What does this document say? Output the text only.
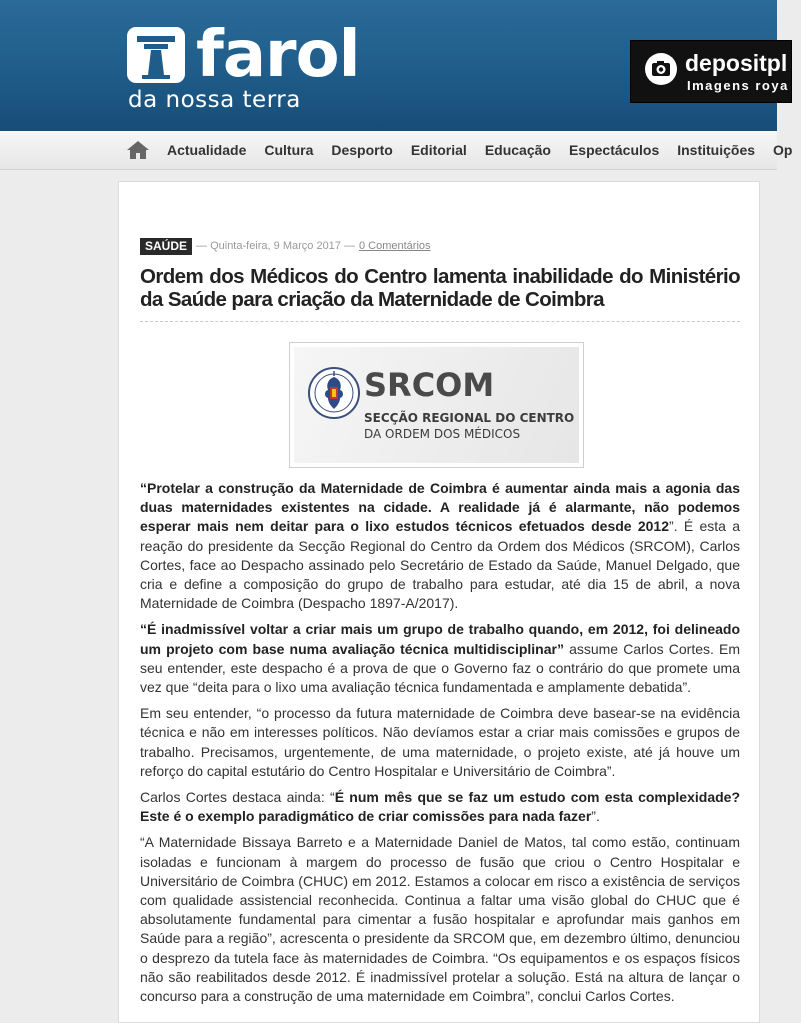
farol
da nossa terra
depositpl
Imagens roya
Actualidade	Cultura	Desporto	Editorial	Educação	Espectáculos	Instituições	Op
SAÚDE — Quinta-feira, 9 Março 2017 — 0 Comentários
Ordem dos Médicos do Centro lamenta inabilidade do Ministério da Saúde para criação da Maternidade de Coimbra
SRCOM
SECÇÃO REGIONAL DO CENTRO
DA ORDEM DOS MÉDICOS

“Protelar a construção da Maternidade de Coimbra é aumentar ainda mais a agonia das duas maternidades existentes na cidade. A realidade já é alarmante, não podemos esperar mais nem deitar para o lixo estudos técnicos efetuados desde 2012”. É esta a reação do presidente da Secção Regional do Centro da Ordem dos Médicos (SRCOM), Carlos Cortes, face ao Despacho assinado pelo Secretário de Estado da Saúde, Manuel Delgado, que cria e define a composição do grupo de trabalho para estudar, até dia 15 de abril, a nova Maternidade de Coimbra (Despacho 1897-A/2017).

“É inadmissível voltar a criar mais um grupo de trabalho quando, em 2012, foi delineado um projeto com base numa avaliação técnica multidisciplinar” assume Carlos Cortes. Em seu entender, este despacho é a prova de que o Governo faz o contrário do que promete uma vez que “deita para o lixo uma avaliação técnica fundamentada e amplamente debatida”.

Em seu entender, “o processo da futura maternidade de Coimbra deve basear-se na evidência técnica e não em interesses políticos. Não devíamos estar a criar mais comissões e grupos de trabalho. Precisamos, urgentemente, de uma maternidade, o projeto existe, até já houve um reforço do capital estutário do Centro Hospitalar e Universitário de Coimbra”.

Carlos Cortes destaca ainda: “É num mês que se faz um estudo com esta complexidade? Este é o exemplo paradigmático de criar comissões para nada fazer”.

“A Maternidade Bissaya Barreto e a Maternidade Daniel de Matos, tal como estão, continuam isoladas e funcionam à margem do processo de fusão que criou o Centro Hospitalar e Universitário de Coimbra (CHUC) em 2012. Estamos a colocar em risco a existência de serviços com qualidade assistencial reconhecida. Continua a faltar uma visão global do CHUC que é absolutamente fundamental para cimentar a fusão hospitalar e aprofundar mais ganhos em Saúde para a região”, acrescenta o presidente da SRCOM que, em dezembro último, denunciou o desprezo da tutela face às maternidades de Coimbra. “Os equipamentos e os espaços físicos não são reabilitados desde 2012. É inadmissível protelar a solução. Está na altura de lançar o concurso para a construção de uma maternidade em Coimbra”, conclui Carlos Cortes.
